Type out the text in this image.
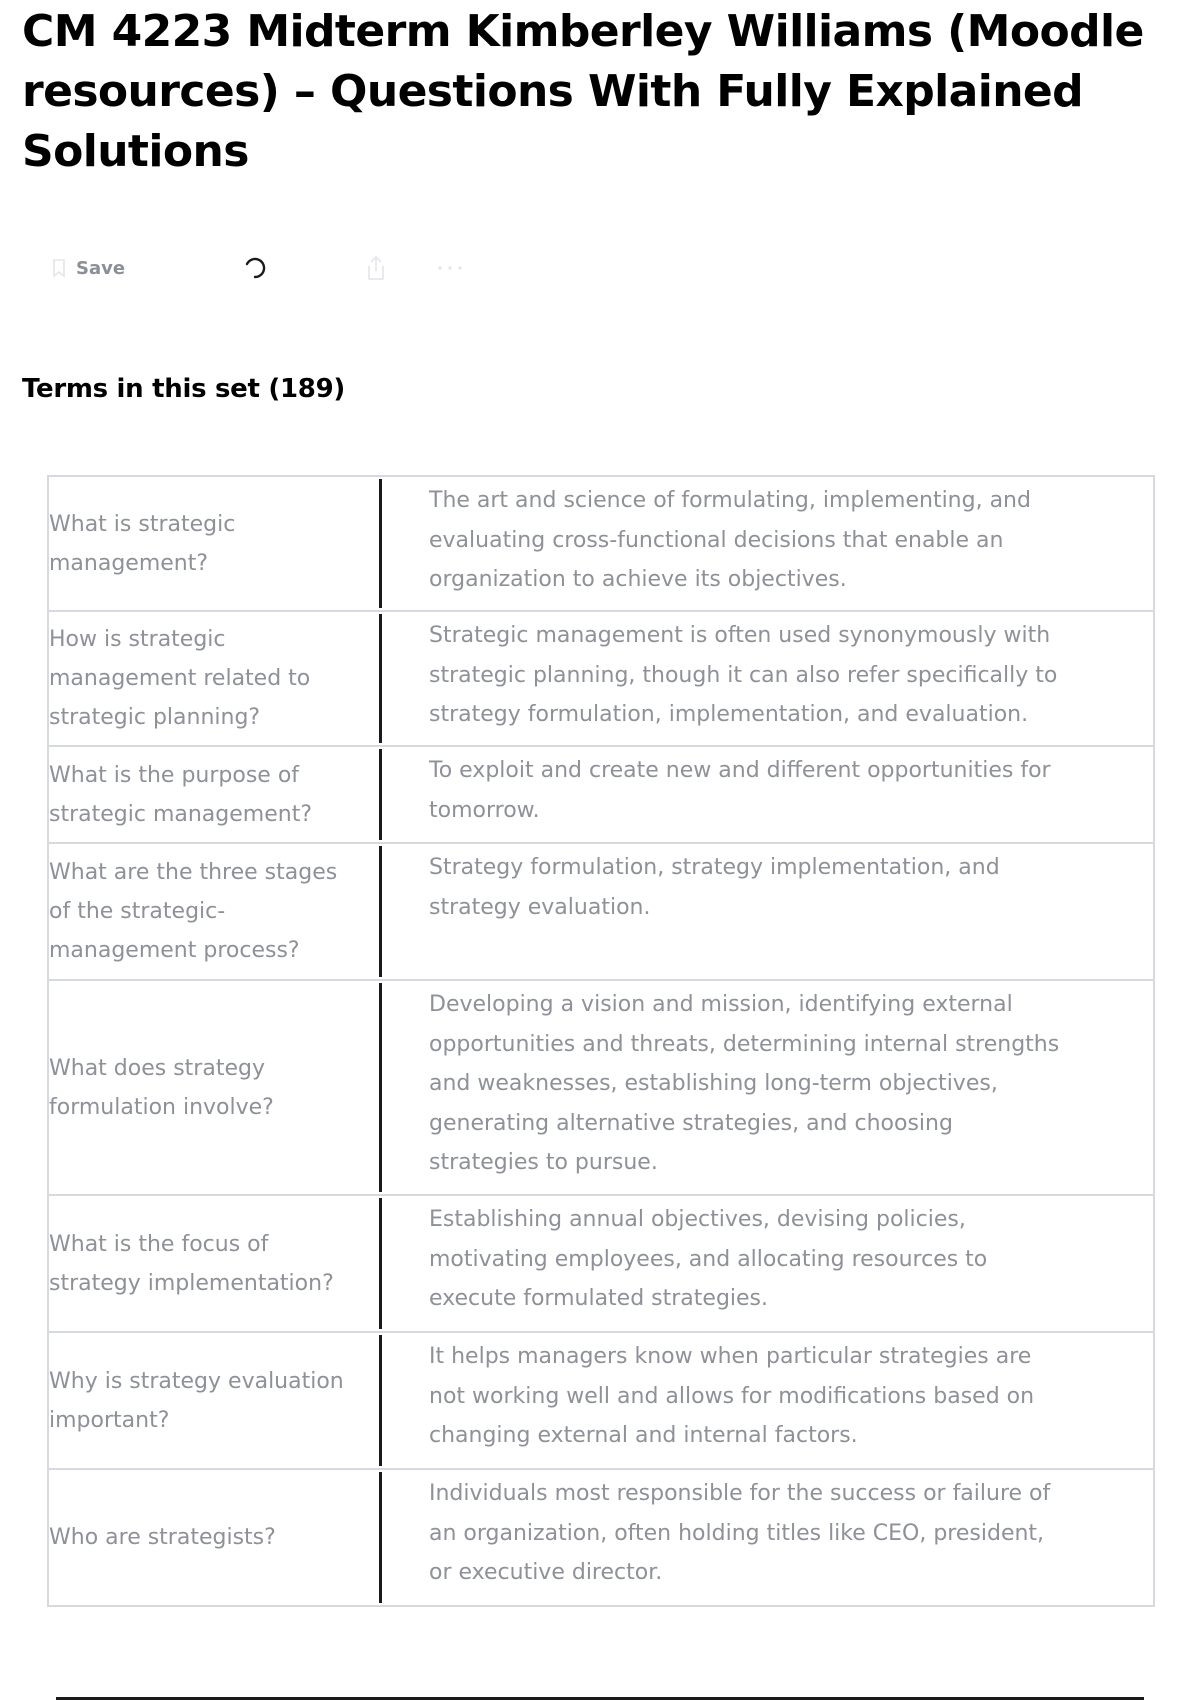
CM 4223 Midterm Kimberley Williams (Moodle resources) – Questions With Fully Explained Solutions
Save
Terms in this set (189)
What is strategic management?
The art and science of formulating, implementing, and evaluating cross-functional decisions that enable an organization to achieve its objectives.
How is strategic management related to strategic planning?
Strategic management is often used synonymously with strategic planning, though it can also refer specifically to strategy formulation, implementation, and evaluation.
What is the purpose of strategic management?
To exploit and create new and different opportunities for tomorrow.
What are the three stages of the strategic-management process?
Strategy formulation, strategy implementation, and strategy evaluation.
What does strategy formulation involve?
Developing a vision and mission, identifying external opportunities and threats, determining internal strengths and weaknesses, establishing long-term objectives, generating alternative strategies, and choosing strategies to pursue.
What is the focus of strategy implementation?
Establishing annual objectives, devising policies, motivating employees, and allocating resources to execute formulated strategies.
Why is strategy evaluation important?
It helps managers know when particular strategies are not working well and allows for modifications based on changing external and internal factors.
Who are strategists?
Individuals most responsible for the success or failure of an organization, often holding titles like CEO, president, or executive director.
